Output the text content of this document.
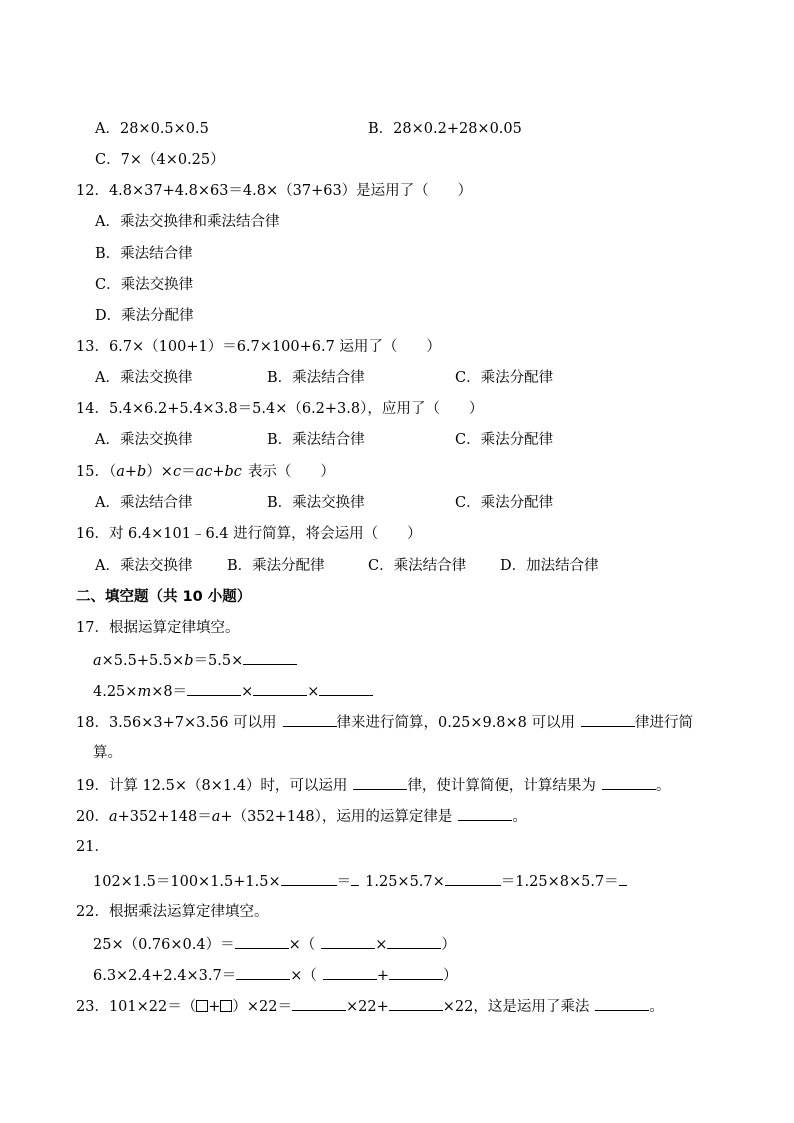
A．28×0.5×0.5	B．28×0.2+28×0.05
C．7×（4×0.25）
12．4.8×37+4.8×63＝4.8×（37+63）是运用了（　　）
A．乘法交换律和乘法结合律
B．乘法结合律
C．乘法交换律
D．乘法分配律
13．6.7×（100+1）＝6.7×100+6.7 运用了（　　）
A．乘法交换律	B．乘法结合律	C．乘法分配律
14．5.4×6.2+5.4×3.8＝5.4×（6.2+3.8），应用了（　　）
A．乘法交换律	B．乘法结合律	C．乘法分配律
15．（a+b）×c＝ac+bc 表示（　　）
A．乘法结合律	B．乘法交换律	C．乘法分配律
16．对 6.4×101﹣6.4 进行简算，将会运用（　　）
A．乘法交换律 B．乘法分配律	C．乘法结合律 D．加法结合律
二、填空题（共 10 小题）
17．根据运算定律填空。
a×5.5+5.5×b＝5.5×
4.25×m×8＝	×	×
18．3.56×3+7×3.56 可以用	律来进行简算，0.25×9.8×8 可以用	律进行简
算。
19．计算 12.5×（8×1.4）时，可以运用	律，使计算简便，计算结果为	。
20．a+352+148＝a+（352+148），运用的运算定律是	。
21．
102×1.5＝100×1.5+1.5×	＝ 1.25×5.7×	＝1.25×8×5.7＝
22．根据乘法运算定律填空。
25×（0.76×0.4）＝	×（	×	）
6.3×2.4+2.4×3.7＝	×（	+	）
23．101×22＝（ + ）×22＝	×22+	×22，这是运用了乘法	。
